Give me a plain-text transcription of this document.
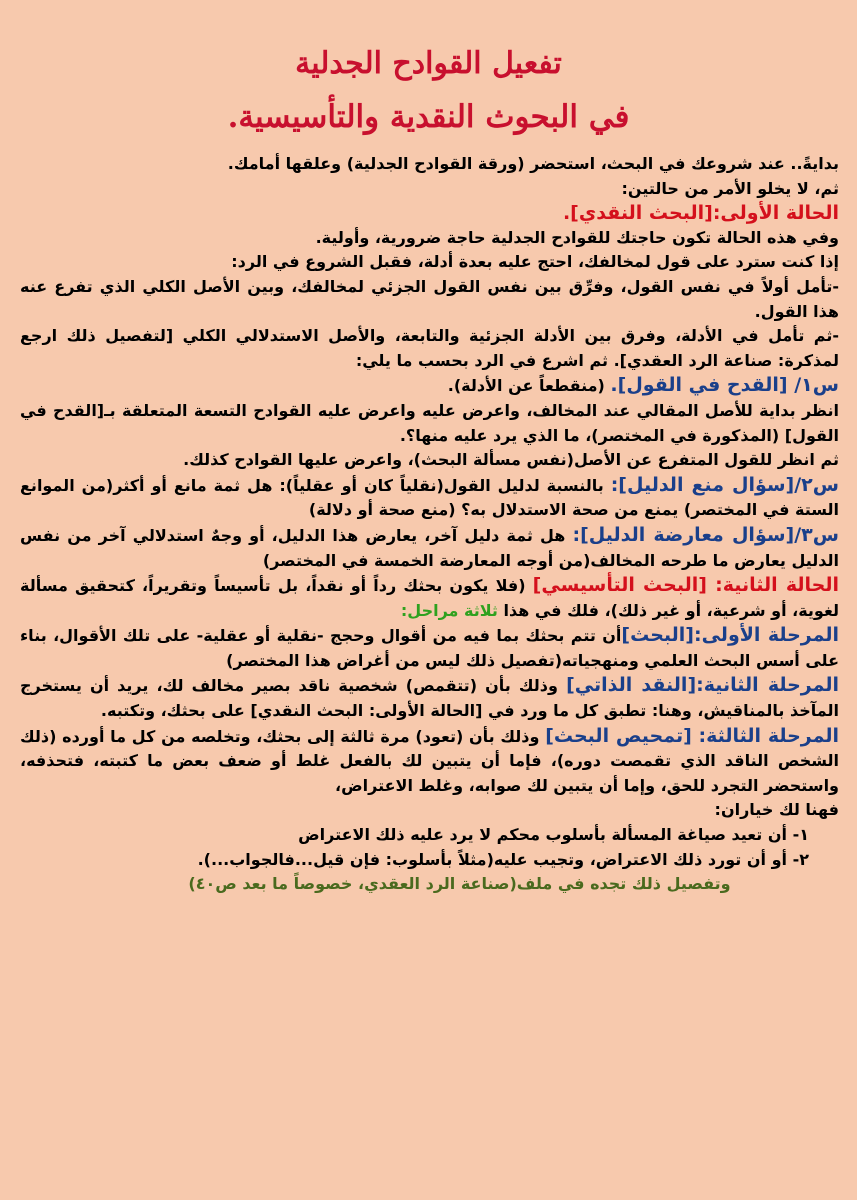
تفعيل القوادح الجدلية
في البحوث النقدية والتأسيسية.

بدايةً.. عند شروعك في البحث، استحضر (ورقة القوادح الجدلية) وعلقها أمامك.

ثم، لا يخلو الأمر من حالتين:

الحالة الأولى:[البحث النقدي].

وفي هذه الحالة تكون حاجتك للقوادح الجدلية حاجة ضرورية، وأولية.

إذا كنت سترد على قول لمخالفك، احتج عليه بعدة أدلة، فقبل الشروع في الرد:

-تأمل أولاً في نفس القول، وفرِّق بين نفس القول الجزئي لمخالفك، وبين الأصل الكلي الذي تفرع عنه هذا القول.

-ثم تأمل في الأدلة، وفرق بين الأدلة الجزئية والتابعة، والأصل الاستدلالي الكلي [لتفصيل ذلك ارجع لمذكرة: صناعة الرد العقدي]. ثم اشرع في الرد بحسب ما يلي:

س١/ [القدح في القول]. (منقطعاً عن الأدلة).

انظر بداية للأصل المقالي عند المخالف، واعرض عليه واعرض عليه القوادح التسعة المتعلقة بـ[القدح في القول] (المذكورة في المختصر)، ما الذي يرد عليه منها؟.

ثم انظر للقول المتفرع عن الأصل(نفس مسألة البحث)، واعرض عليها القوادح كذلك.

س٢/[سؤال منع الدليل]: بالنسبة لدليل القول(نقلياً كان أو عقلياً): هل ثمة مانع أو أكثر(من الموانع الستة في المختصر) يمنع من صحة الاستدلال به؟ (منع صحة أو دلالة)

س٣/[سؤال معارضة الدليل]: هل ثمة دليل آخر، يعارض هذا الدليل، أو وجهٌ استدلالي آخر من نفس الدليل يعارض ما طرحه المخالف(من أوجه المعارضة الخمسة في المختصر)

الحالة الثانية: [البحث التأسيسي] (فلا يكون بحثك رداً أو نقداً، بل تأسيساً وتقريراً، كتحقيق مسألة لغوية، أو شرعية، أو غير ذلك)، فلك في هذا ثلاثة مراحل:

المرحلة الأولى:[البحث]أن تتم بحثك بما فيه من أقوال وحجج -نقلية أو عقلية- على تلك الأقوال، بناء على أسس البحث العلمي ومنهجياته(تفصيل ذلك ليس من أغراض هذا المختصر)

المرحلة الثانية:[النقد الذاتي] وذلك بأن (تتقمص) شخصية ناقد بصير مخالف لك، يريد أن يستخرج المآخذ بالمناقيش، وهنا: تطبق كل ما ورد في [الحالة الأولى: البحث النقدي] على بحثك، وتكتبه.

المرحلة الثالثة: [تمحيص البحث] وذلك بأن (تعود) مرة ثالثة إلى بحثك، وتخلصه من كل ما أورده (ذلك الشخص الناقد الذي تقمصت دوره)، فإما أن يتبين لك بالفعل غلط أو ضعف بعض ما كتبته، فتحذفه، واستحضر التجرد للحق، وإما أن يتبين لك صوابه، وغلط الاعتراض،

فهنا لك خياران:

١- أن تعيد صياغة المسألة بأسلوب محكم لا يرد عليه ذلك الاعتراض

٢- أو أن تورد ذلك الاعتراض، وتجيب عليه(مثلاً بأسلوب: فإن قيل...فالجواب...).

وتفصيل ذلك تجده في ملف(صناعة الرد العقدي، خصوصاً ما بعد ص٤٠)
